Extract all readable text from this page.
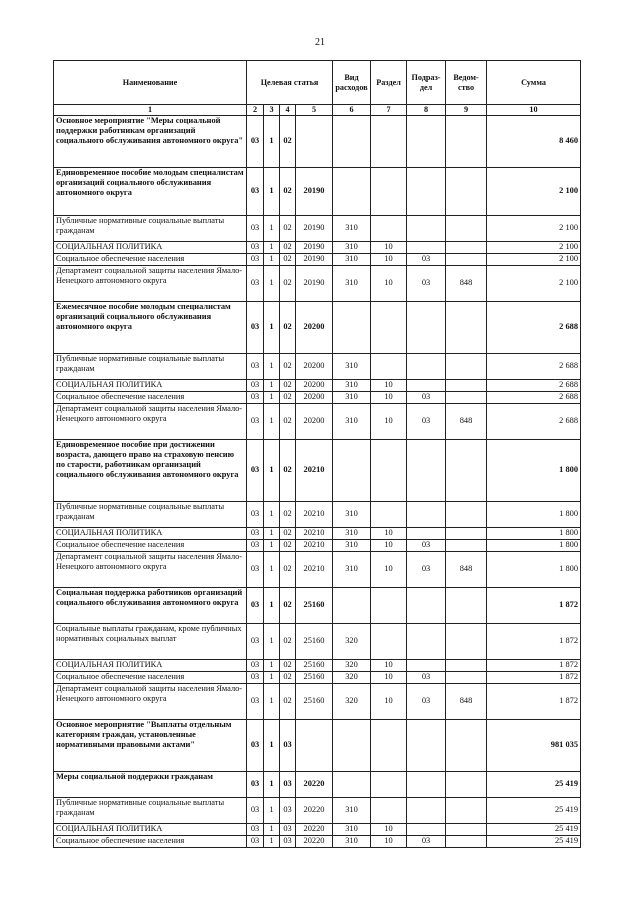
21
Наименование	Целевая статья				Вид расходов	Раздел	Подраз-дел	Ведом-ство	Сумма
1	2	3	4	5	6	7	8	9	10
Основное мероприятие "Меры социальной поддержки работникам организаций социального обслуживания автономного округа"	03	1	02						8 460
Единовременное пособие молодым специалистам организаций социального обслуживания автономного округа	03	1	02	20190					2 100
Публичные нормативные социальные выплаты гражданам	03	1	02	20190	310				2 100
СОЦИАЛЬНАЯ ПОЛИТИКА	03	1	02	20190	310	10			2 100
Социальное обеспечение населения	03	1	02	20190	310	10	03		2 100
Департамент социальной защиты населения Ямало-Ненецкого автономного округа	03	1	02	20190	310	10	03	848	2 100
Ежемесячное пособие молодым специалистам организаций социального обслуживания автономного округа	03	1	02	20200					2 688
Публичные нормативные социальные выплаты гражданам	03	1	02	20200	310				2 688
СОЦИАЛЬНАЯ ПОЛИТИКА	03	1	02	20200	310	10			2 688
Социальное обеспечение населения	03	1	02	20200	310	10	03		2 688
Департамент социальной защиты населения Ямало-Ненецкого автономного округа	03	1	02	20200	310	10	03	848	2 688
Единовременное пособие при достижении возраста, дающего право на страховую пенсию по старости, работникам организаций социального обслуживания автономного округа	03	1	02	20210					1 800
Публичные нормативные социальные выплаты гражданам	03	1	02	20210	310				1 800
СОЦИАЛЬНАЯ ПОЛИТИКА	03	1	02	20210	310	10			1 800
Социальное обеспечение населения	03	1	02	20210	310	10	03		1 800
Департамент социальной защиты населения Ямало-Ненецкого автономного округа	03	1	02	20210	310	10	03	848	1 800
Социальная поддержка работников организаций социального обслуживания автономного округа	03	1	02	25160					1 872
Социальные выплаты гражданам, кроме публичных нормативных социальных выплат	03	1	02	25160	320				1 872
СОЦИАЛЬНАЯ ПОЛИТИКА	03	1	02	25160	320	10			1 872
Социальное обеспечение населения	03	1	02	25160	320	10	03		1 872
Департамент социальной защиты населения Ямало-Ненецкого автономного округа	03	1	02	25160	320	10	03	848	1 872
Основное мероприятие "Выплаты отдельным категориям граждан, установленные нормативными правовыми актами"	03	1	03						981 035
Меры социальной поддержки гражданам	03	1	03	20220					25 419
Публичные нормативные социальные выплаты гражданам	03	1	03	20220	310				25 419
СОЦИАЛЬНАЯ ПОЛИТИКА	03	1	03	20220	310	10			25 419
Социальное обеспечение населения	03	1	03	20220	310	10	03		25 419
